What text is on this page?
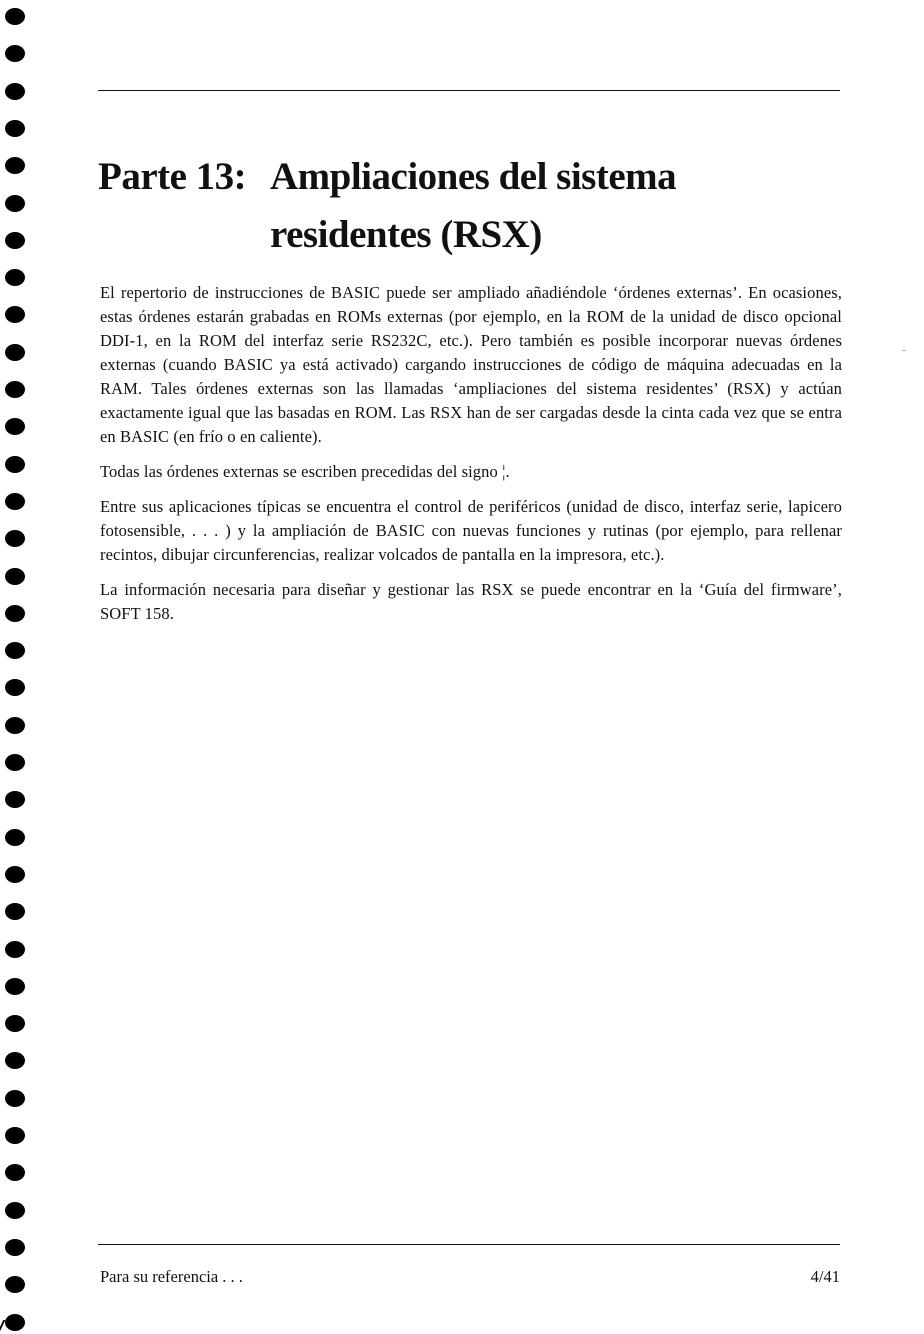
Parte 13: Ampliaciones del sistema
residentes (RSX)

El repertorio de instrucciones de BASIC puede ser ampliado añadiéndole ‘órdenes externas’. En ocasiones, estas órdenes estarán grabadas en ROMs externas (por ejemplo, en la ROM de la unidad de disco opcional DDI-1, en la ROM del interfaz serie RS232C, etc.). Pero también es posible incorporar nuevas órdenes externas (cuando BASIC ya está activado) cargando instrucciones de código de máquina adecuadas en la RAM. Tales órdenes externas son las llamadas ‘ampliaciones del sistema residentes’ (RSX) y actúan exactamente igual que las basadas en ROM. Las RSX han de ser cargadas desde la cinta cada vez que se entra en BASIC (en frío o en caliente).

Todas las órdenes externas se escriben precedidas del signo ¦.

Entre sus aplicaciones típicas se encuentra el control de periféricos (unidad de disco, interfaz serie, lapicero fotosensible, . . . ) y la ampliación de BASIC con nuevas funciones y rutinas (por ejemplo, para rellenar recintos, dibujar circunferencias, realizar volcados de pantalla en la impresora, etc.).

La información necesaria para diseñar y gestionar las RSX se puede encontrar en la ‘Guía del firmware’, SOFT 158.

Para su referencia . . .	4/41
